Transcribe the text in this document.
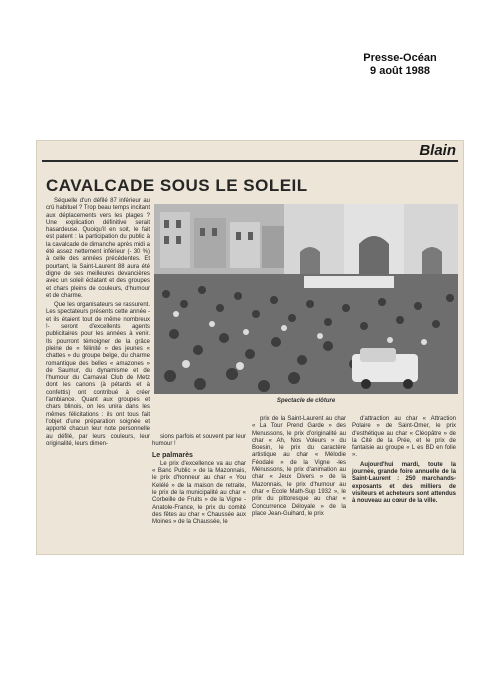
Presse-Océan
9 août 1988
Blain
CAVALCADE SOUS LE SOLEIL

Séquelle d'un défilé 87 inférieur au crû habituel ? Trop beau temps incitant aux déplacements vers les plages ? Une explication définitive serait hasardeuse. Quoiqu'il en soit, le fait est patent : la participation du public à la cavalcade de dimanche après midi a été assez nettement inférieur (- 30 %) à celle des années précédentes. Et pourtant, la Saint-Laurent 88 aura été digne de ses meilleures devancières avec un soleil éclatant et des groupes et chars pleins de couleurs, d'humour et de charme.

Que les organisateurs se rassurent. Les spectateurs présents cette année -et ils étaient tout de même nombreux !- seront d'excellents agents publicitaires pour les années à venir. Ils pourront témoigner de la grâce pleine de « félinité » des jeunes « chattes » du groupe belge, du charme romantique des belles « amazones » de Saumur, du dynamisme et de l'humour du Carnaval Club de Metz dont les canons (à pétards et à confettis) ont contribué à créer l'ambiance. Quant aux groupes et chars blinois, on les unira dans les mêmes félicitations : ils ont tous fait l'objet d'une préparation soignée et apporté chacun leur note personnelle au défilé, par leurs couleurs, leur originalité, leurs dimen-

Spectacle de clôture

sions parfois et souvent par leur humour !

Le palmarès

Le prix d'excellence va au char « Banc Public » de la Mazonnais, le prix d'honneur au char « You Kelélé » de la maison de retraite, le prix de la municipalité au char « Corbeille de Fruits » de la Vigne -Anatole-France, le prix du comité des fêtes au char « Chaussée aux Moines » de la Chaussée, le

prix de la Saint-Laurent au char « La Tour Prend Garde » des Menussons, le prix d'originalité au char « Ah, Nos Voleurs » du Boesin, le prix du caractère artistique au char « Mélodie Féodale » de la Vigne -les Ménussons, le prix d'animation au char « Jeux Divers » de la Mazonnais, le prix d'humour au char « Ecole Math-Sup 1932 », le prix du pittoresque au char « Concurrence Déloyale » de la place Jean-Guihard, le prix

d'attraction au char « Attraction Polaire » de Saint-Omer, le prix d'esthétique au char « Cléopâtre » de la Cité de la Prée, et le prix de fantaisie au groupe « L es BD en folie ».

Aujourd'hui mardi, toute la journée, grande foire annuelle de la Saint-Laurent : 250 marchands-exposants et des milliers de visiteurs et acheteurs sont attendus à nouveau au cœur de la ville.
